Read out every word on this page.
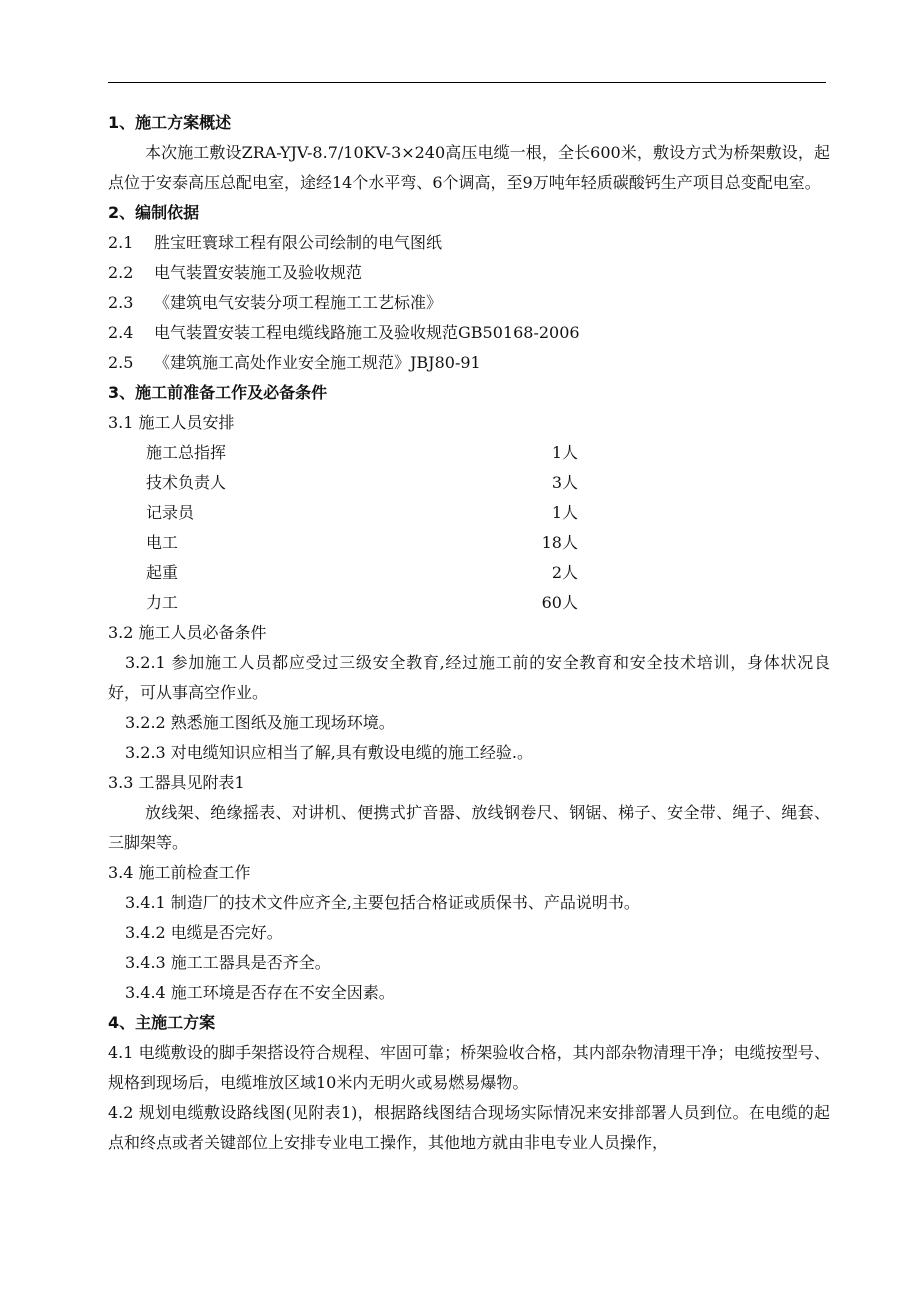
1、施工方案概述
本次施工敷设ZRA-YJV-8.7/10KV-3×240高压电缆一根，全长600米，敷设方式为桥架敷设，起点位于安泰高压总配电室，途经14个水平弯、6个调高，至9万吨年轻质碳酸钙生产项目总变配电室。
2、编制依据
2.1 胜宝旺寰球工程有限公司绘制的电气图纸
2.2 电气装置安装施工及验收规范
2.3 《建筑电气安装分项工程施工工艺标准》
2.4 电气装置安装工程电缆线路施工及验收规范GB50168-2006
2.5 《建筑施工高处作业安全施工规范》JBJ80-91
3、施工前准备工作及必备条件
3.1 施工人员安排
施工总指挥	1人
技术负责人	3人
记录员	1人
电工	18人
起重	2人
力工	60人
3.2 施工人员必备条件
3.2.1 参加施工人员都应受过三级安全教育,经过施工前的安全教育和安全技术培训，身体状况良好，可从事高空作业。
3.2.2 熟悉施工图纸及施工现场环境。
3.2.3 对电缆知识应相当了解,具有敷设电缆的施工经验.。
3.3 工器具见附表1
放线架、绝缘摇表、对讲机、便携式扩音器、放线钢卷尺、钢锯、梯子、安全带、绳子、绳套、三脚架等。
3.4 施工前检查工作
3.4.1 制造厂的技术文件应齐全,主要包括合格证或质保书、产品说明书。
3.4.2 电缆是否完好。
3.4.3 施工工器具是否齐全。
3.4.4 施工环境是否存在不安全因素。
4、主施工方案
4.1 电缆敷设的脚手架搭设符合规程、牢固可靠；桥架验收合格，其内部杂物清理干净；电缆按型号、规格到现场后，电缆堆放区域10米内无明火或易燃易爆物。
4.2 规划电缆敷设路线图(见附表1)，根据路线图结合现场实际情况来安排部署人员到位。在电缆的起点和终点或者关键部位上安排专业电工操作，其他地方就由非电专业人员操作，
